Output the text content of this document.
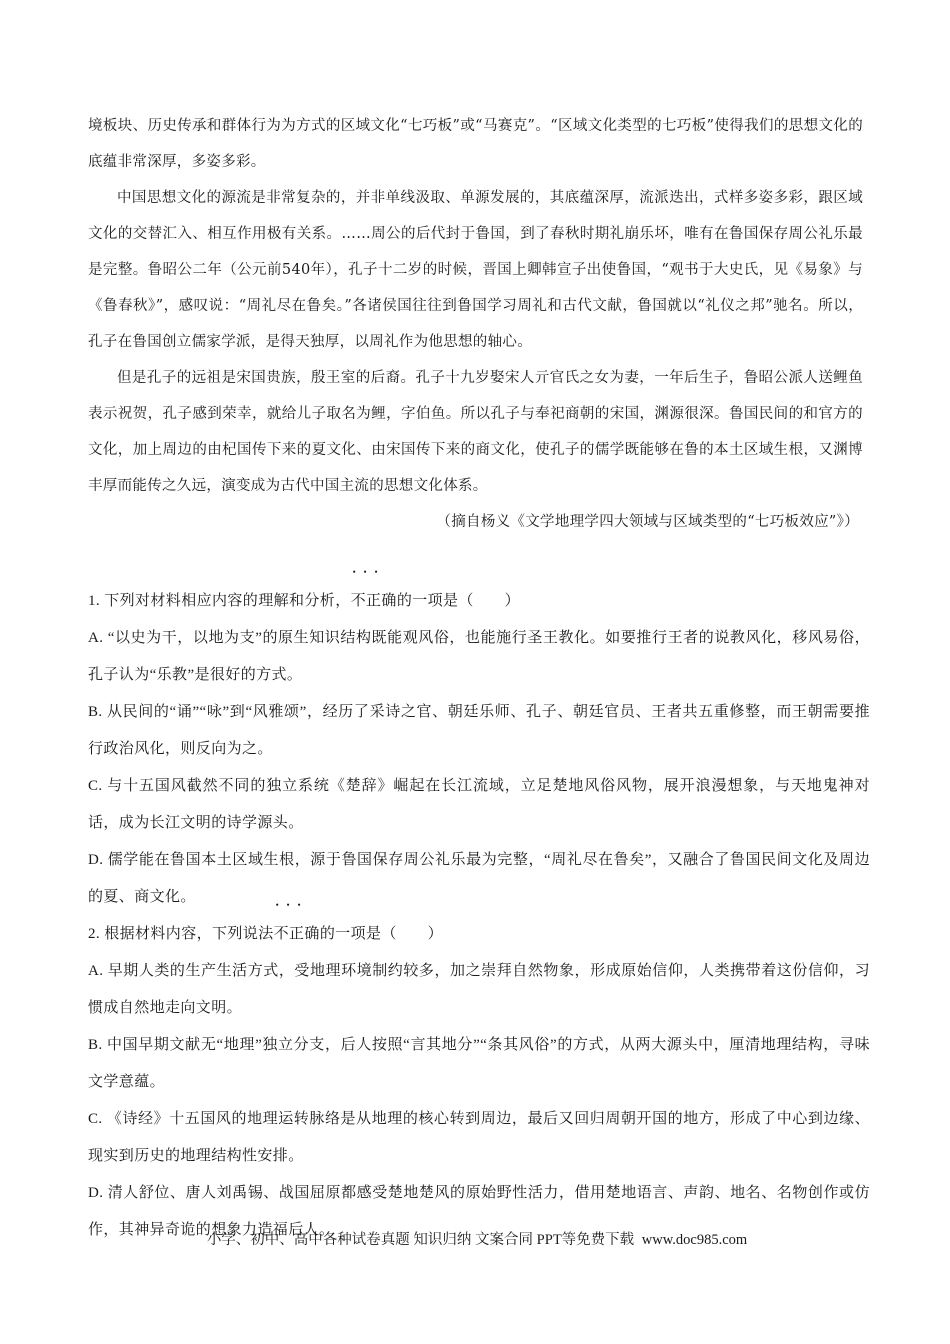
境板块、历史传承和群体行为为方式的区域文化“七巧板”或“马赛克”。“区域文化类型的七巧板”使得我们的思想文化的底蕴非常深厚，多姿多彩。

中国思想文化的源流是非常复杂的，并非单线汲取、单源发展的，其底蕴深厚，流派迭出，式样多姿多彩，跟区域文化的交替汇入、相互作用极有关系。……周公的后代封于鲁国，到了春秋时期礼崩乐坏，唯有在鲁国保存周公礼乐最是完整。鲁昭公二年（公元前540年），孔子十二岁的时候，晋国上卿韩宣子出使鲁国，“观书于大史氏，见《易象》与《鲁春秋》”，感叹说：“周礼尽在鲁矣。”各诸侯国往往到鲁国学习周礼和古代文献，鲁国就以“礼仪之邦”驰名。所以，孔子在鲁国创立儒家学派，是得天独厚，以周礼作为他思想的轴心。

但是孔子的远祖是宋国贵族，殷王室的后裔。孔子十九岁娶宋人亓官氏之女为妻，一年后生子，鲁昭公派人送鲤鱼表示祝贺，孔子感到荣幸，就给儿子取名为鲤，字伯鱼。所以孔子与奉祀商朝的宋国，渊源很深。鲁国民间的和官方的文化，加上周边的由杞国传下来的夏文化、由宋国传下来的商文化，使孔子的儒学既能够在鲁的本土区域生根，又渊博丰厚而能传之久远，演变成为古代中国主流的思想文化体系。

（摘自杨义《文学地理学四大领域与区域类型的“七巧板效应”》）

1. 下列对材料相应内容的理解和分析，• • • 不正确的一项是（　　）

A. “以史为干，以地为支”的原生知识结构既能观风俗，也能施行圣王教化。如要推行王者的说教风化，移风易俗，孔子认为“乐教”是很好的方式。

B. 从民间的“诵”“咏”到“风雅颂”，经历了采诗之官、朝廷乐师、孔子、朝廷官员、王者共五重修整，而王朝需要推行政治风化，则反向为之。

C. 与十五国风截然不同的独立系统《楚辞》崛起在长江流域，立足楚地风俗风物，展开浪漫想象，与天地鬼神对话，成为长江文明的诗学源头。

D. 儒学能在鲁国本土区域生根，源于鲁国保存周公礼乐最为完整，“周礼尽在鲁矣”，又融合了鲁国民间文化及周边的夏、商文化。

2. 根据材料内容，下列说法• • • 不正确的一项是（　　）

A. 早期人类的生产生活方式，受地理环境制约较多，加之崇拜自然物象，形成原始信仰，人类携带着这份信仰，习惯成自然地走向文明。

B. 中国早期文献无“地理”独立分支，后人按照“言其地分”“条其风俗”的方式，从两大源头中，厘清地理结构，寻味文学意蕴。

C. 《诗经》十五国风的地理运转脉络是从地理的核心转到周边，最后又回归周朝开国的地方，形成了中心到边缘、现实到历史的地理结构性安排。

D. 清人舒位、唐人刘禹锡、战国屈原都感受楚地楚风的原始野性活力，借用楚地语言、声韵、地名、名物创作或仿作，其神异奇诡的想象力造福后人。

小学、初中、高中各种试卷真题 知识归纳 文案合同 PPT等免费下载 www.doc985.com
